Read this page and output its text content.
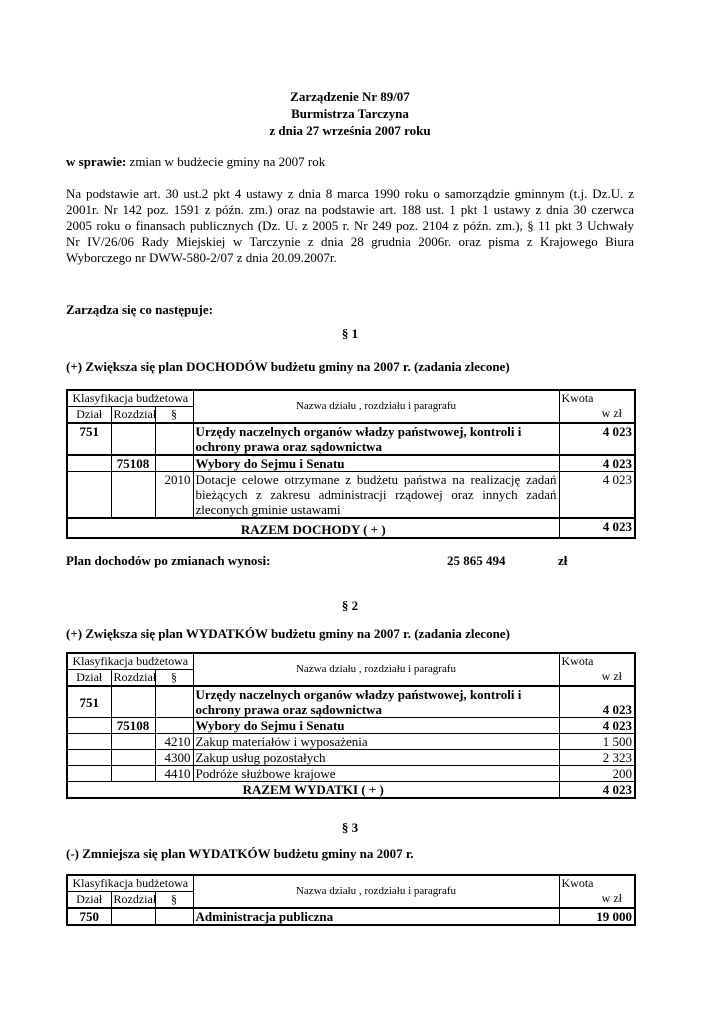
Zarządzenie Nr 89/07
Burmistrza Tarczyna
z dnia 27 września 2007 roku
w sprawie: zmian w budżecie gminy na 2007 rok
Na podstawie art. 30 ust.2 pkt 4 ustawy z dnia 8 marca 1990 roku o samorządzie gminnym (t.j. Dz.U. z
2001r. Nr 142 poz. 1591 z późn. zm.) oraz na podstawie art. 188 ust. 1 pkt 1 ustawy z dnia 30 czerwca
2005 roku o finansach publicznych (Dz. U. z 2005 r. Nr 249 poz. 2104 z późn. zm.), § 11 pkt 3 Uchwały
Nr IV/26/06 Rady Miejskiej w Tarczynie z dnia 28 grudnia 2006r. oraz pisma z Krajowego Biura
Wyborczego nr DWW-580-2/07 z dnia 20.09.2007r.
Zarządza się co następuje:
§ 1
(+) Zwiększa się plan DOCHODÓW budżetu gminy na 2007 r. (zadania zlecone)
Klasyfikacja budżetowa			Nazwa działu , rozdziału i paragrafu	Kwota
w zł

Dział	Rozdział	§		
751			Urzędy naczelnych organów władzy państwowej, kontroli i ochrony prawa oraz sądownictwa	4 023
	75108		Wybory do Sejmu i Senatu	4 023
		2010	Dotacje celowe otrzymane z budżetu państwa na realizację zadań bieżących z zakresu administracji rządowej oraz innych zadań zleconych gminie ustawami	4 023
RAZEM DOCHODY ( + )				4 023
Plan dochodów po zmianach wynosi:	25 865 494	zł
§ 2
(+) Zwiększa się plan WYDATKÓW budżetu gminy na 2007 r. (zadania zlecone)
Klasyfikacja budżetowa			Nazwa działu , rozdziału i paragrafu	Kwota
w zł

Dział	Rozdział	§		
751			Urzędy naczelnych organów władzy państwowej, kontroli i ochrony prawa oraz sądownictwa	4 023
	75108		Wybory do Sejmu i Senatu	4 023
		4210	Zakup materiałów i wyposażenia	1 500
		4300	Zakup usług pozostałych	2 323
		4410	Podróże służbowe krajowe	200
RAZEM WYDATKI ( + )				4 023
§ 3
(-) Zmniejsza się plan WYDATKÓW budżetu gminy na 2007 r.
Klasyfikacja budżetowa			Nazwa działu , rozdziału i paragrafu	Kwota
w zł

Dział	Rozdział	§		
750			Administracja publiczna	19 000
